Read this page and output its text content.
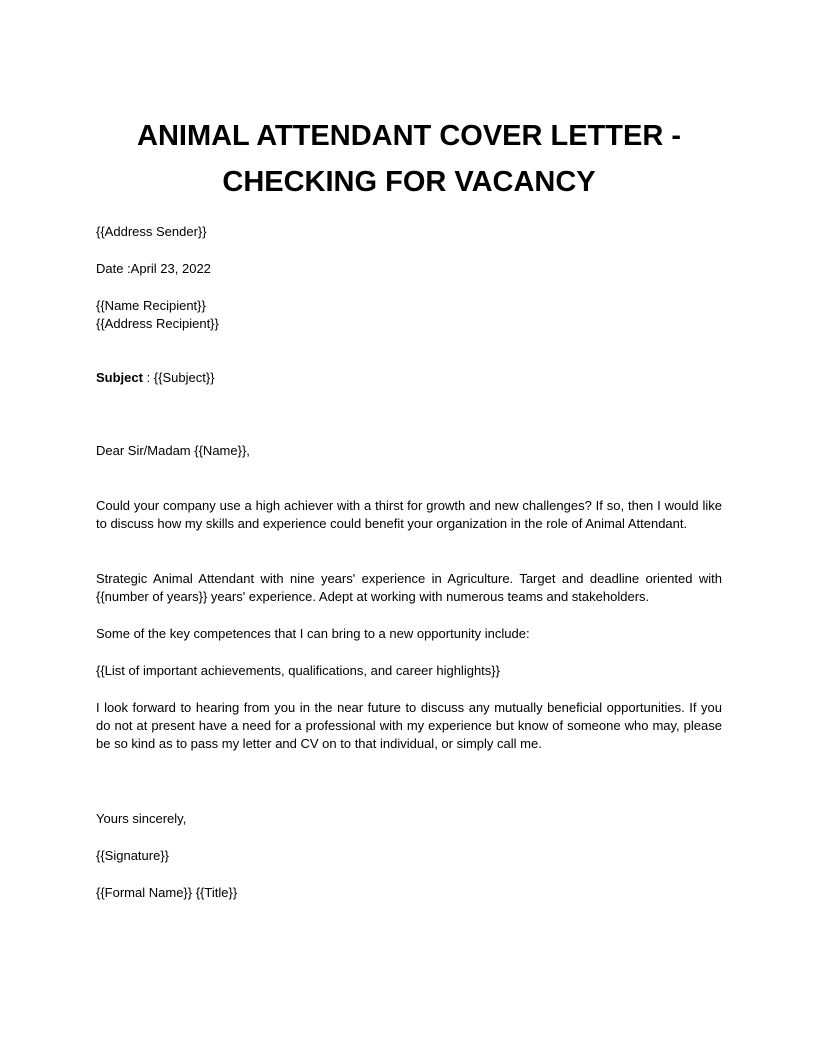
ANIMAL ATTENDANT COVER LETTER -
CHECKING FOR VACANCY
{{Address Sender}}
Date :April 23, 2022
{{Name Recipient}}
{{Address Recipient}}
Subject : {{Subject}}
Dear Sir/Madam {{Name}},
Could your company use a high achiever with a thirst for growth and new challenges? If so, then I would like to discuss how my skills and experience could benefit your organization in the role of Animal Attendant.
Strategic Animal Attendant with nine years' experience in Agriculture. Target and deadline oriented with {{number of years}} years' experience. Adept at working with numerous teams and stakeholders.
Some of the key competences that I can bring to a new opportunity include:
{{List of important achievements, qualifications, and career highlights}}
I look forward to hearing from you in the near future to discuss any mutually beneficial opportunities. If you do not at present have a need for a professional with my experience but know of someone who may, please be so kind as to pass my letter and CV on to that individual, or simply call me.
Yours sincerely,
{{Signature}}
{{Formal Name}} {{Title}}
